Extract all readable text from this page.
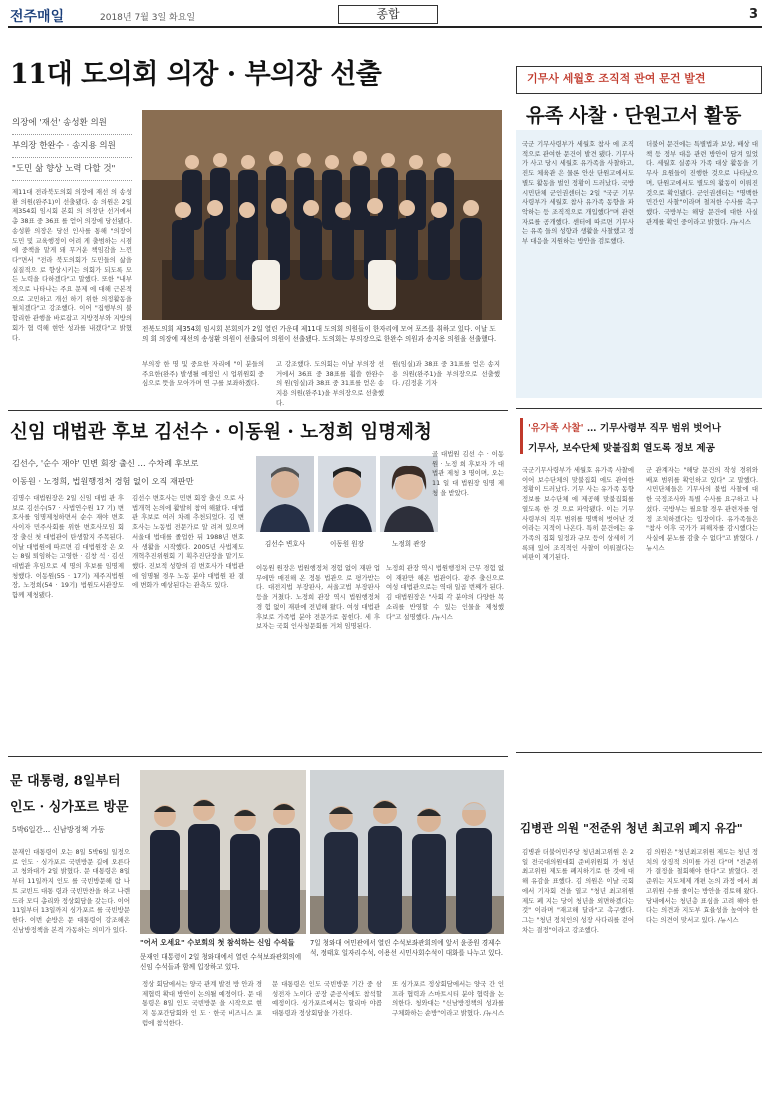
전주매일	2018년 7월 3일 화요일	종합	3
11대 도의회 의장 · 부의장 선출
의장에 '재선' 송성환 의원
부의장 한완수 · 송지용 의원
"도민 삶 향상 노력 다할 것"
제11대 전라북도의회 의장에 재선 의 송성환 의원(완주1)이 선출됐다. 송 의원은 2일 제354회 임시회 본회 의 의장단 선거에서 총 38표 중 36표 를 얻어 의장에 당선됐다. 송성환 의장은 당선 인사를 통해 "의장이 도민 및 교육행정이 어려 게 출범하는 시점에 중책을 맡게 돼 무거운 책임감을 느낀다"면서 "전라 북도의회가 도민들의 삶을 실질적으 로 향상시키는 의회가 되도록 모든 노력을 다하겠다"고 말했다. 또한 "내부적으로 나타나는 주요 문제 에 대해 근본적으로 고민하고 개선 하기 위한 의정활동을 펼치겠다"고 강조했다. 이어 "집행부의 불합리한 관행을 바로잡고 지방정부와 지방의회가 협 력해 현안 성과를 내겠다"고 밝혔다.
전북도의회 제354회 임시회 본회의가 2일 열린 가운데 제11대 도의회 의원들이 한자리에 모여 포즈를 취하고 있다. 이날 도의 회 의장에 재선의 송성환 의원이 선출되어 의원이 선출됐다. 도의회는 부의장으로 한완수 의원과 송지용 의원을 선출했다.
부의장 한 명 및 중요한 자리에 "이 분들의 주요한(완주) 발생될 예정인 시 업위원회 중심으로 뜻을 모아가며 연 구를 보좌하겠다.
고 강조했다. 도의회는 이날 부의장 선거에서 36표 중 38표를 휩쓸 한완수 의 원(임실)과 38표 중 31표를 얻은 송지용 의원(완주1)을 부의장으로 선출했다.
원(임실)과 38표 중 31표를 얻은 송지용 의원(완주1)을 부의장으로 선출했다. /김정훈 기자
기무사 세월호 조직적 관여 문건 발견
유족 사찰 · 단원고서 활동
국군 기무사령부가 세월호 참사 에 조직적으로 관여한 문건이 발견 됐다. 기무사가 사고 당시 세월호 유가족을 사찰하고, 진도 체육관 은 물론 안산 단원고에서도 별도 활동을 벌인 정황이 드러났다. 국방 시민단체 군인권센터는 2일 "국군 기무사령부가 세월호 참사 유가족 동향을 파악하는 등 조직적으로 개입했다"며 관련 자료를 공개했다. 센터에 따르면 기무사는 유족 들의 성향과 생활을 사찰했고 정부 대응을 지원하는 방안을 검토했다.
더불어 문건에는 특별법과 보상, 배상 대책 등 정부 대응 관련 방안이 담겨 있었다. 세월호 실종자 가족 대상 활동을 기무사 요원들이 진행한 것으로 나타났으며, 단원고에서도 별도의 활동이 이뤄진 것으로 확인됐다. 군인권센터는 "명백한 민간인 사찰"이라며 철저한 수사를 촉구했다. 국방부는 해당 문건에 대한 사실 관계를 확인 중이라고 밝혔다. /뉴시스
신임 대법관 후보 김선수 · 이동원 · 노정희 임명제청
김선수, '순수 재야' 민변 회장 출신 … 수차례 후보로
이동원 · 노정희, 법원행정처 경험 없이 오직 재판만
김명수 대법원장은 2일 신임 대법 관 후보로 김선수(57 · 사법연수원 17 기) 변호사를 임명제청하면서 순수 재야 변호사이자 민주사회를 위한 변호사모임 회장 출신 첫 대법관이 탄생할지 주목된다. 이날 대법원에 따르면 김 대법원장 은 오는 8월 퇴임하는 고영한 · 김창 석 · 김신 대법관 후임으로 세 명의 후보를 임명제청했다. 이동원(55 · 17기) 제주지법원장, 노정희(54 · 19기) 법원도서관장도 함께 제청됐다.
김선수 변호사는 민변 회장 출신 으로 사법개혁 논의에 활발히 참여 해왔다. 대법관 후보로 여러 차례 추천되었다. 김 변호사는 노동법 전문가로 알 려져 있으며 서울대 법대를 졸업한 뒤 1988년 변호사 생활을 시작했다. 2005년 사법제도개혁추진위원회 기 획추진단장을 맡기도 했다. 진보적 성향의 김 변호사가 대법관에 임명될 경우 노동 분야 대법원 판 결에 변화가 예상된다는 관측도 있다.
김선수 변호사	이동원 원장	노정희 관장
골 대법원 김선 수 · 이동원 · 노정 희 후보자 가 대법관 제청 3 명이며, 오는 11 일 대 법원장 임명 제청 을 받았다.
이동원 원장은 법원행정처 경험 없이 재판 업무에만 매진해 온 정통 법관으 로 평가받는다. 대전지법 부장판사, 서울고법 부장판사 등을 거쳤다. 노정희 관장 역시 법원행정처 경 험 없이 재판에 전념해 왔다. 여성 대법관 후보로 가족법 분야 전문가로 꼽힌다. 세 후보자는 국회 인사청문회를 거쳐 임명된다.
노정희 관장 역시 법원행정처 근무 경험 없이 재판만 해온 법관이다. 광주 출신으로 여성 대법관으로는 역대 일곱 번째가 된다. 김 대법원장은 "사회 각 분야의 다양한 목소리를 반영할 수 있는 인물을 제청했다"고 설명했다. /뉴시스
'유가족 사찰' … 기무사령부 직무 범위 벗어나
기무사, 보수단체 맞불집회 열도록 정보 제공
국군기무사령부가 세월호 유가족 사찰에 이어 보수단체의 맞불집회 에도 관여한 정황이 드러났다. 기무 사는 유가족 동향 정보를 보수단체 에 제공해 맞불집회를 열도록 한 것 으로 파악됐다. 이는 기무사령부의 직무 범위를 명백히 벗어난 것이라는 지적이 나온다. 특히 문건에는 유가족의 집회 일정과 규모 등이 상세히 기록돼 있어 조직적인 사찰이 이뤄졌다는 비판이 제기된다.
군 관계자는 "해당 문건의 작성 경위와 배포 범위를 확인하고 있다" 고 말했다. 시민단체들은 기무사의 불법 사찰에 대한 국정조사와 특별 수사를 요구하고 나섰다. 국방부는 필요할 경우 관련자를 엄정 조치하겠다는 입장이다. 유가족들은 "참사 이후 국가가 피해자를 감시했다는 사실에 분노를 감출 수 없다"고 밝혔다. /뉴시스
문 대통령, 8일부터
인도 · 싱가포르 방문
5박6일간… 신남방정책 가동
문재인 대통령이 오는 8일 5박6일 일정으로 인도 · 싱가포르 국빈방문 길에 오른다고 청와대가 2일 밝혔다. 문 대통령은 8일부터 11일까지 인도 를 국빈방문해 람 나트 코빈드 대통 령과 국빈만찬을 하고 나렌드라 모디 총리와 정상회담을 갖는다. 이어 11일부터 13일까지 싱가포르 를 국빈방문한다. 이번 순방은 문 대통령이 강조해온 신남방정책을 본격 가동하는 의미가 있다.
"어서 오세요" 수보회의 첫 참석하는 신임 수석들
문재인 대통령이 2일 청와대에서 열린 수석보좌관회의에 신임 수석들과 함께 입장하고 있다.
7일 청와대 여민관에서 열린 수석보좌관회의에 앞서 윤종원 경제수석, 정태호 일자리수석, 이용선 시민사회수석이 대화를 나누고 있다.
정상 회담에서는 양국 관계 발전 방 안과 경제협력 확대 방안이 논의될 예정이다. 문 대통령은 8일 인도 국빈방문 을 시작으로 현지 동포간담회와 인 도 · 한국 비즈니스 포럼에 참석한다.
문 대통령은 인도 국빈방문 기간 중 삼성전자 노이다 공장 준공식에도 참석할 예정이다. 싱가포르에서는 할리마 야콥 대통령과 정상회담을 가진다.
또 싱가포르 정상회담에서는 양국 간 인프라 협력과 스마트시티 분야 협력을 논의한다. 청와대는 "신남방정책의 성과를 구체화하는 순방"이라고 밝혔다. /뉴시스
김병관 의원 "전준위 청년 최고위 폐지 유감"
김병관 더불어민주당 청년최고위원 은 2일 전국대의원대회 준비위원회 가 청년 최고위원 제도를 폐지하기로 한 것에 대해 유감을 표했다. 김 의원은 이날 국회에서 기자회 견을 열고 "청년 최고위원 제도 폐 지는 당이 청년을 외면하겠다는 것" 이라며 "재고해 달라"고 촉구했다. 그는 "청년 정치인의 성장 사다리를 걷어차는 결정"이라고 강조했다.
김 의원은 "청년최고위원 제도는 청년 정치의 상징적 의미를 가진 다"며 "전준위가 결정을 철회해야 한다"고 밝혔다. 전준위는 지도체제 개편 논의 과정 에서 최고위원 수를 줄이는 방안을 검토해 왔다. 당내에서는 청년층 표심을 고려 해야 한다는 의견과 지도부 효율성을 높여야 한다는 의견이 맞서고 있다. /뉴시스
